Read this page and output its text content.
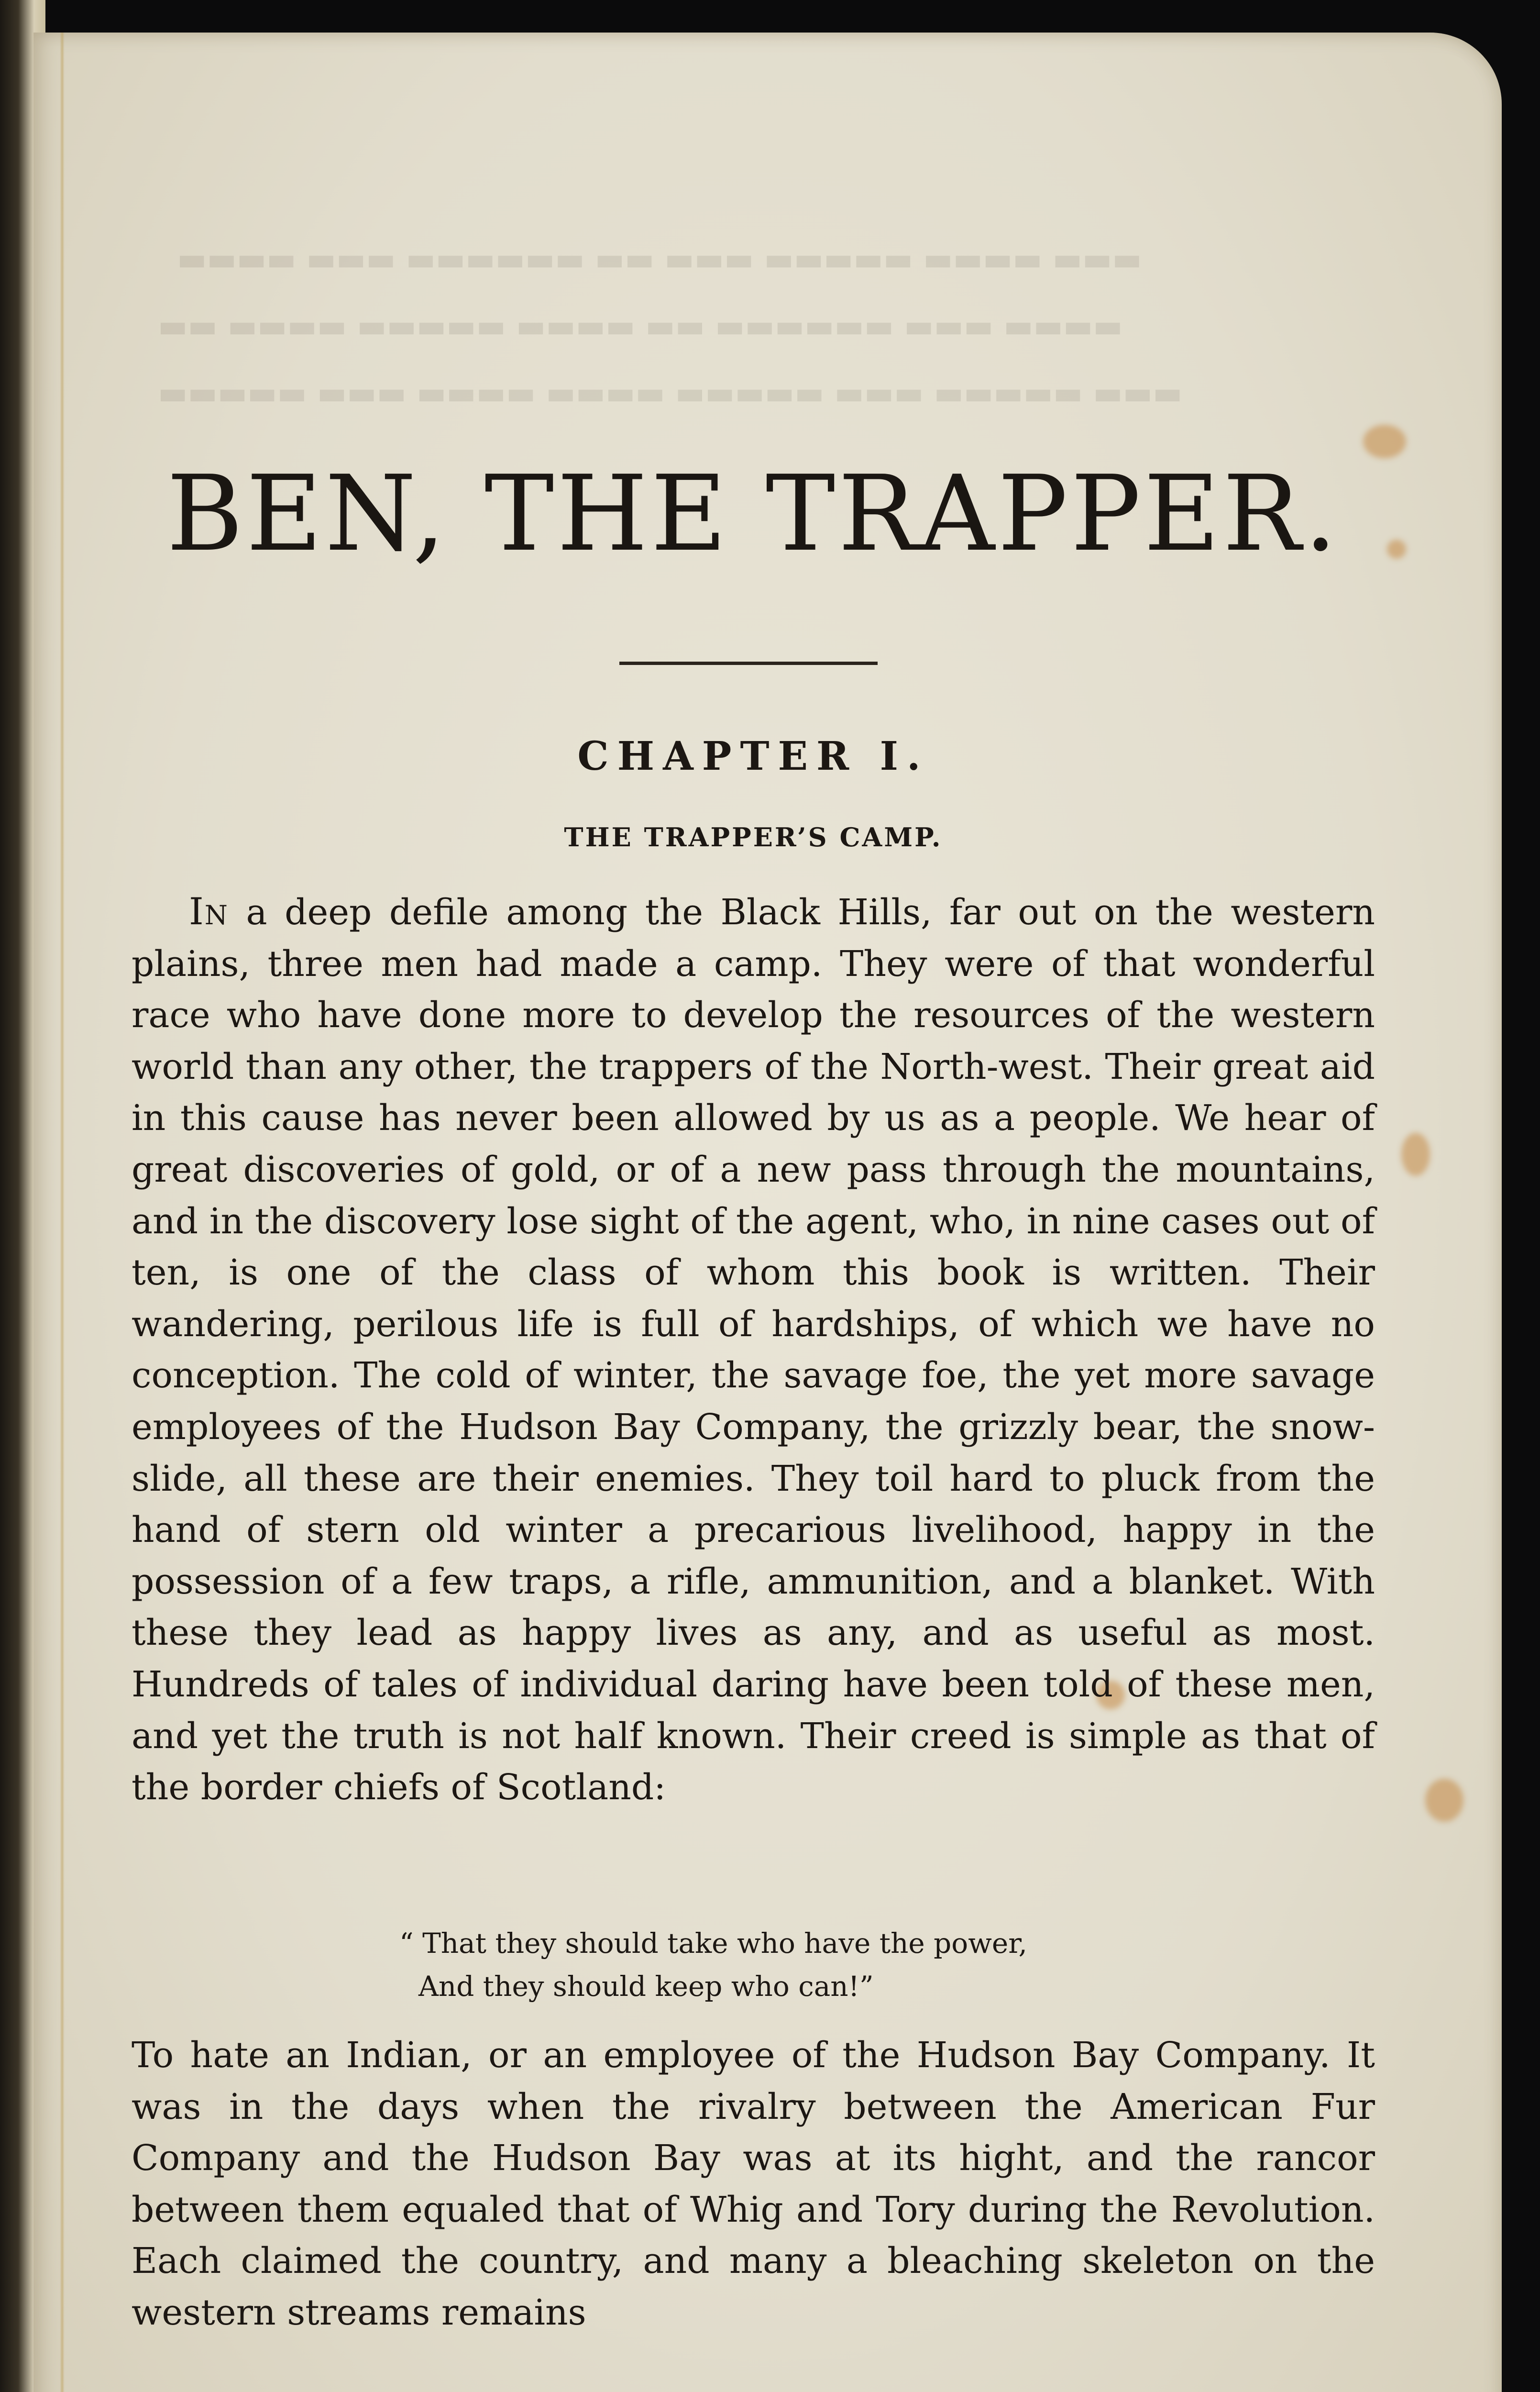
▬▬▬ ▬▬▬▬ ▬▬▬▬▬ ▬▬▬ ▬▬ ▬▬▬▬▬▬ ▬▬▬ ▬▬▬▬
▬▬▬▬ ▬▬▬ ▬▬▬▬▬▬ ▬▬ ▬▬▬▬ ▬▬▬▬▬ ▬▬▬▬ ▬▬
▬▬▬ ▬▬▬▬▬ ▬▬▬ ▬▬▬▬▬ ▬▬▬▬ ▬▬▬▬ ▬▬▬ ▬▬▬▬▬
BEN, THE TRAPPER.
CHAPTER I.
THE TRAPPER’S CAMP.

In a deep defile among the Black Hills, far out on the western plains, three men had made a camp. They were of that wonderful race who have done more to develop the resources of the western world than any other, the trappers of the North-west. Their great aid in this cause has never been allowed by us as a people. We hear of great discoveries of gold, or of a new pass through the mountains, and in the discovery lose sight of the agent, who, in nine cases out of ten, is one of the class of whom this book is written. Their wandering, perilous life is full of hardships, of which we have no conception. The cold of winter, the savage foe, the yet more savage employees of the Hudson Bay Company, the grizzly bear, the snow-slide, all these are their enemies. They toil hard to pluck from the hand of stern old winter a precarious livelihood, happy in the possession of a few traps, a rifle, ammunition, and a blanket. With these they lead as happy lives as any, and as useful as most. Hundreds of tales of individual daring have been told of these men, and yet the truth is not half known. Their creed is simple as that of the border chiefs of Scotland:

“ That they should take who have the power,

And they should keep who can!”

To hate an Indian, or an employee of the Hudson Bay Company. It was in the days when the rivalry between the American Fur Company and the Hudson Bay was at its hight, and the rancor between them equaled that of Whig and Tory during the Revolution. Each claimed the country, and many a bleaching skeleton on the western streams remains
